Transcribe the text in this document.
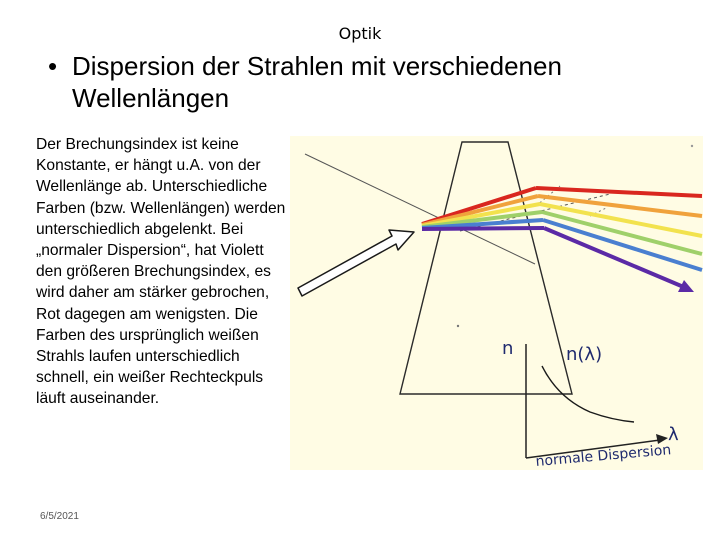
Optik
• Dispersion der Strahlen mit verschiedenen Wellenlängen
Der Brechungsindex ist keine Konstante, er hängt u.A. von der Wellenlänge ab. Unterschiedliche Farben (bzw. Wellenlängen) werden unterschiedlich abgelenkt. Bei „normaler Dispersion“, hat Violett den größeren Brechungsindex, es wird daher am stärker gebrochen, Rot dagegen am wenigsten. Die Farben des ursprünglich weißen Strahls laufen unterschiedlich schnell, ein weißer Rechteckpuls läuft auseinander.
n	n(λ)
λ
normale Dispersion
6/5/2021
